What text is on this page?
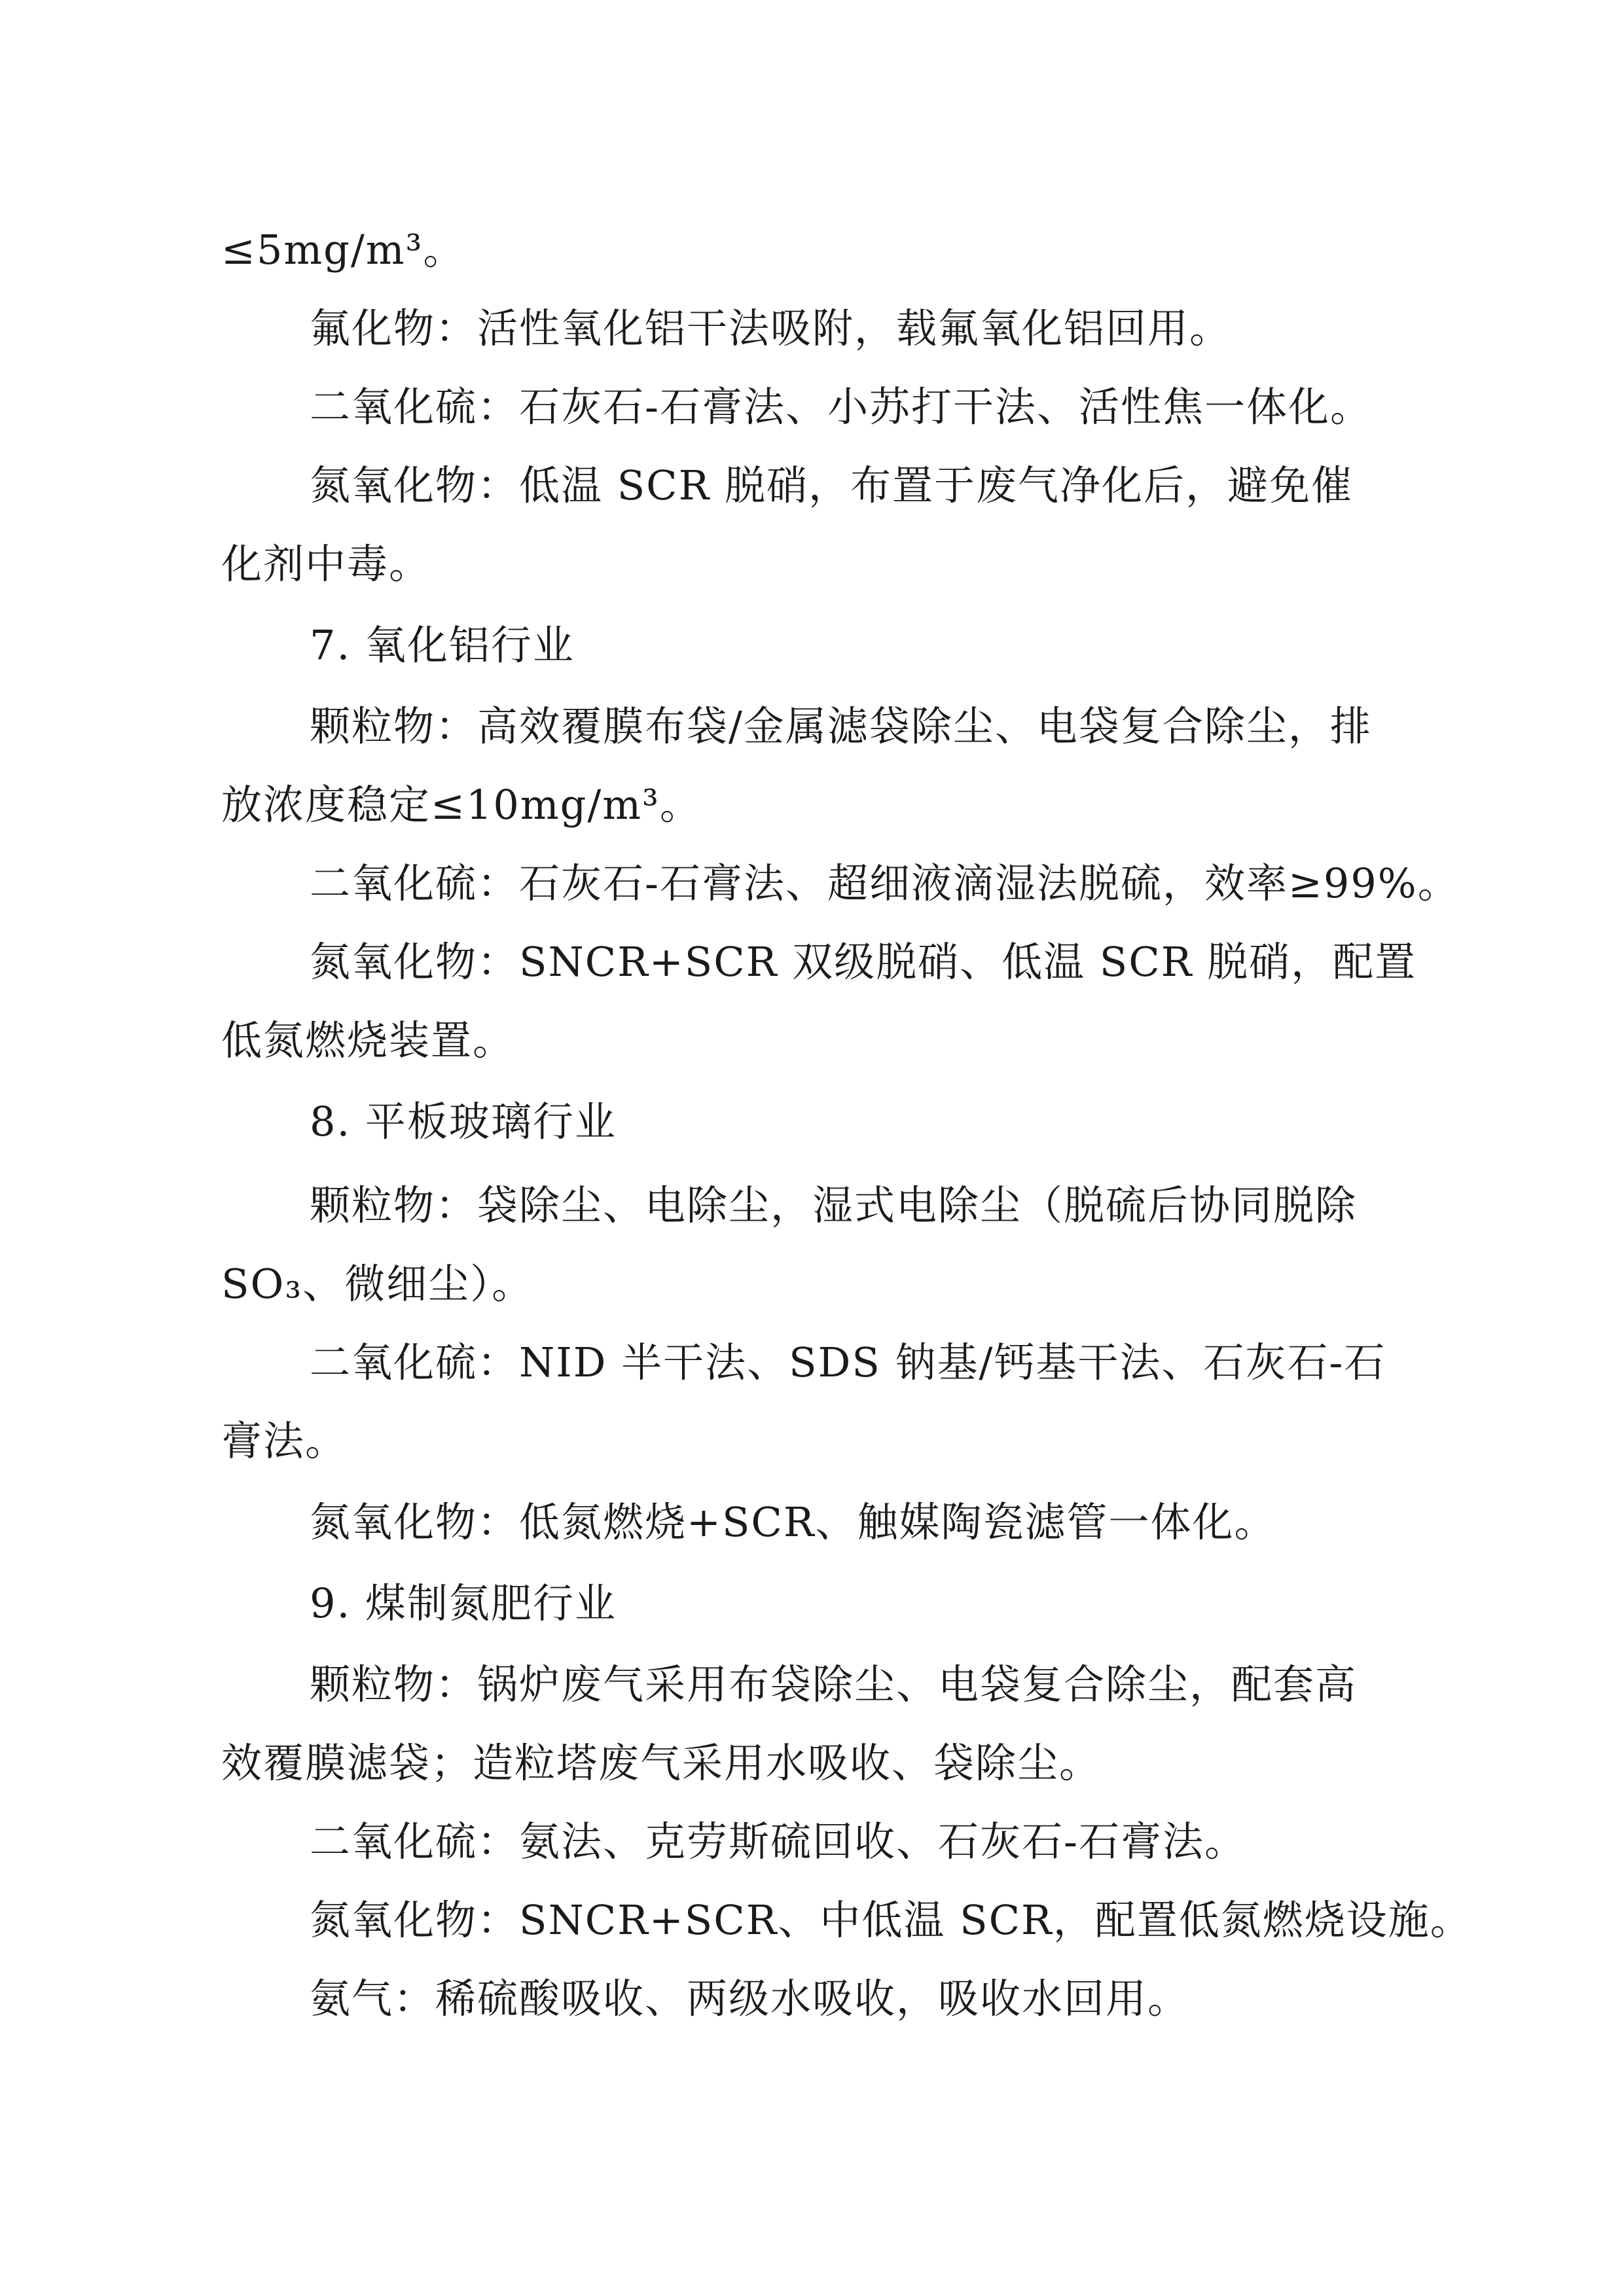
≤5mg/m³。
氟化物：活性氧化铝干法吸附，载氟氧化铝回用。
二氧化硫：石灰石-石膏法、小苏打干法、活性焦一体化。
氮氧化物：低温 SCR 脱硝，布置于废气净化后，避免催
化剂中毒。
7. 氧化铝行业
颗粒物：高效覆膜布袋/金属滤袋除尘、电袋复合除尘，排
放浓度稳定≤10mg/m³。
二氧化硫：石灰石-石膏法、超细液滴湿法脱硫，效率≥99%。
氮氧化物：SNCR+SCR 双级脱硝、低温 SCR 脱硝，配置
低氮燃烧装置。
8. 平板玻璃行业
颗粒物：袋除尘、电除尘，湿式电除尘（脱硫后协同脱除
SO₃、微细尘）。
二氧化硫：NID 半干法、SDS 钠基/钙基干法、石灰石-石
膏法。
氮氧化物：低氮燃烧+SCR、触媒陶瓷滤管一体化。
9. 煤制氮肥行业
颗粒物：锅炉废气采用布袋除尘、电袋复合除尘，配套高
效覆膜滤袋；造粒塔废气采用水吸收、袋除尘。
二氧化硫：氨法、克劳斯硫回收、石灰石-石膏法。
氮氧化物：SNCR+SCR、中低温 SCR，配置低氮燃烧设施。
氨气：稀硫酸吸收、两级水吸收，吸收水回用。
